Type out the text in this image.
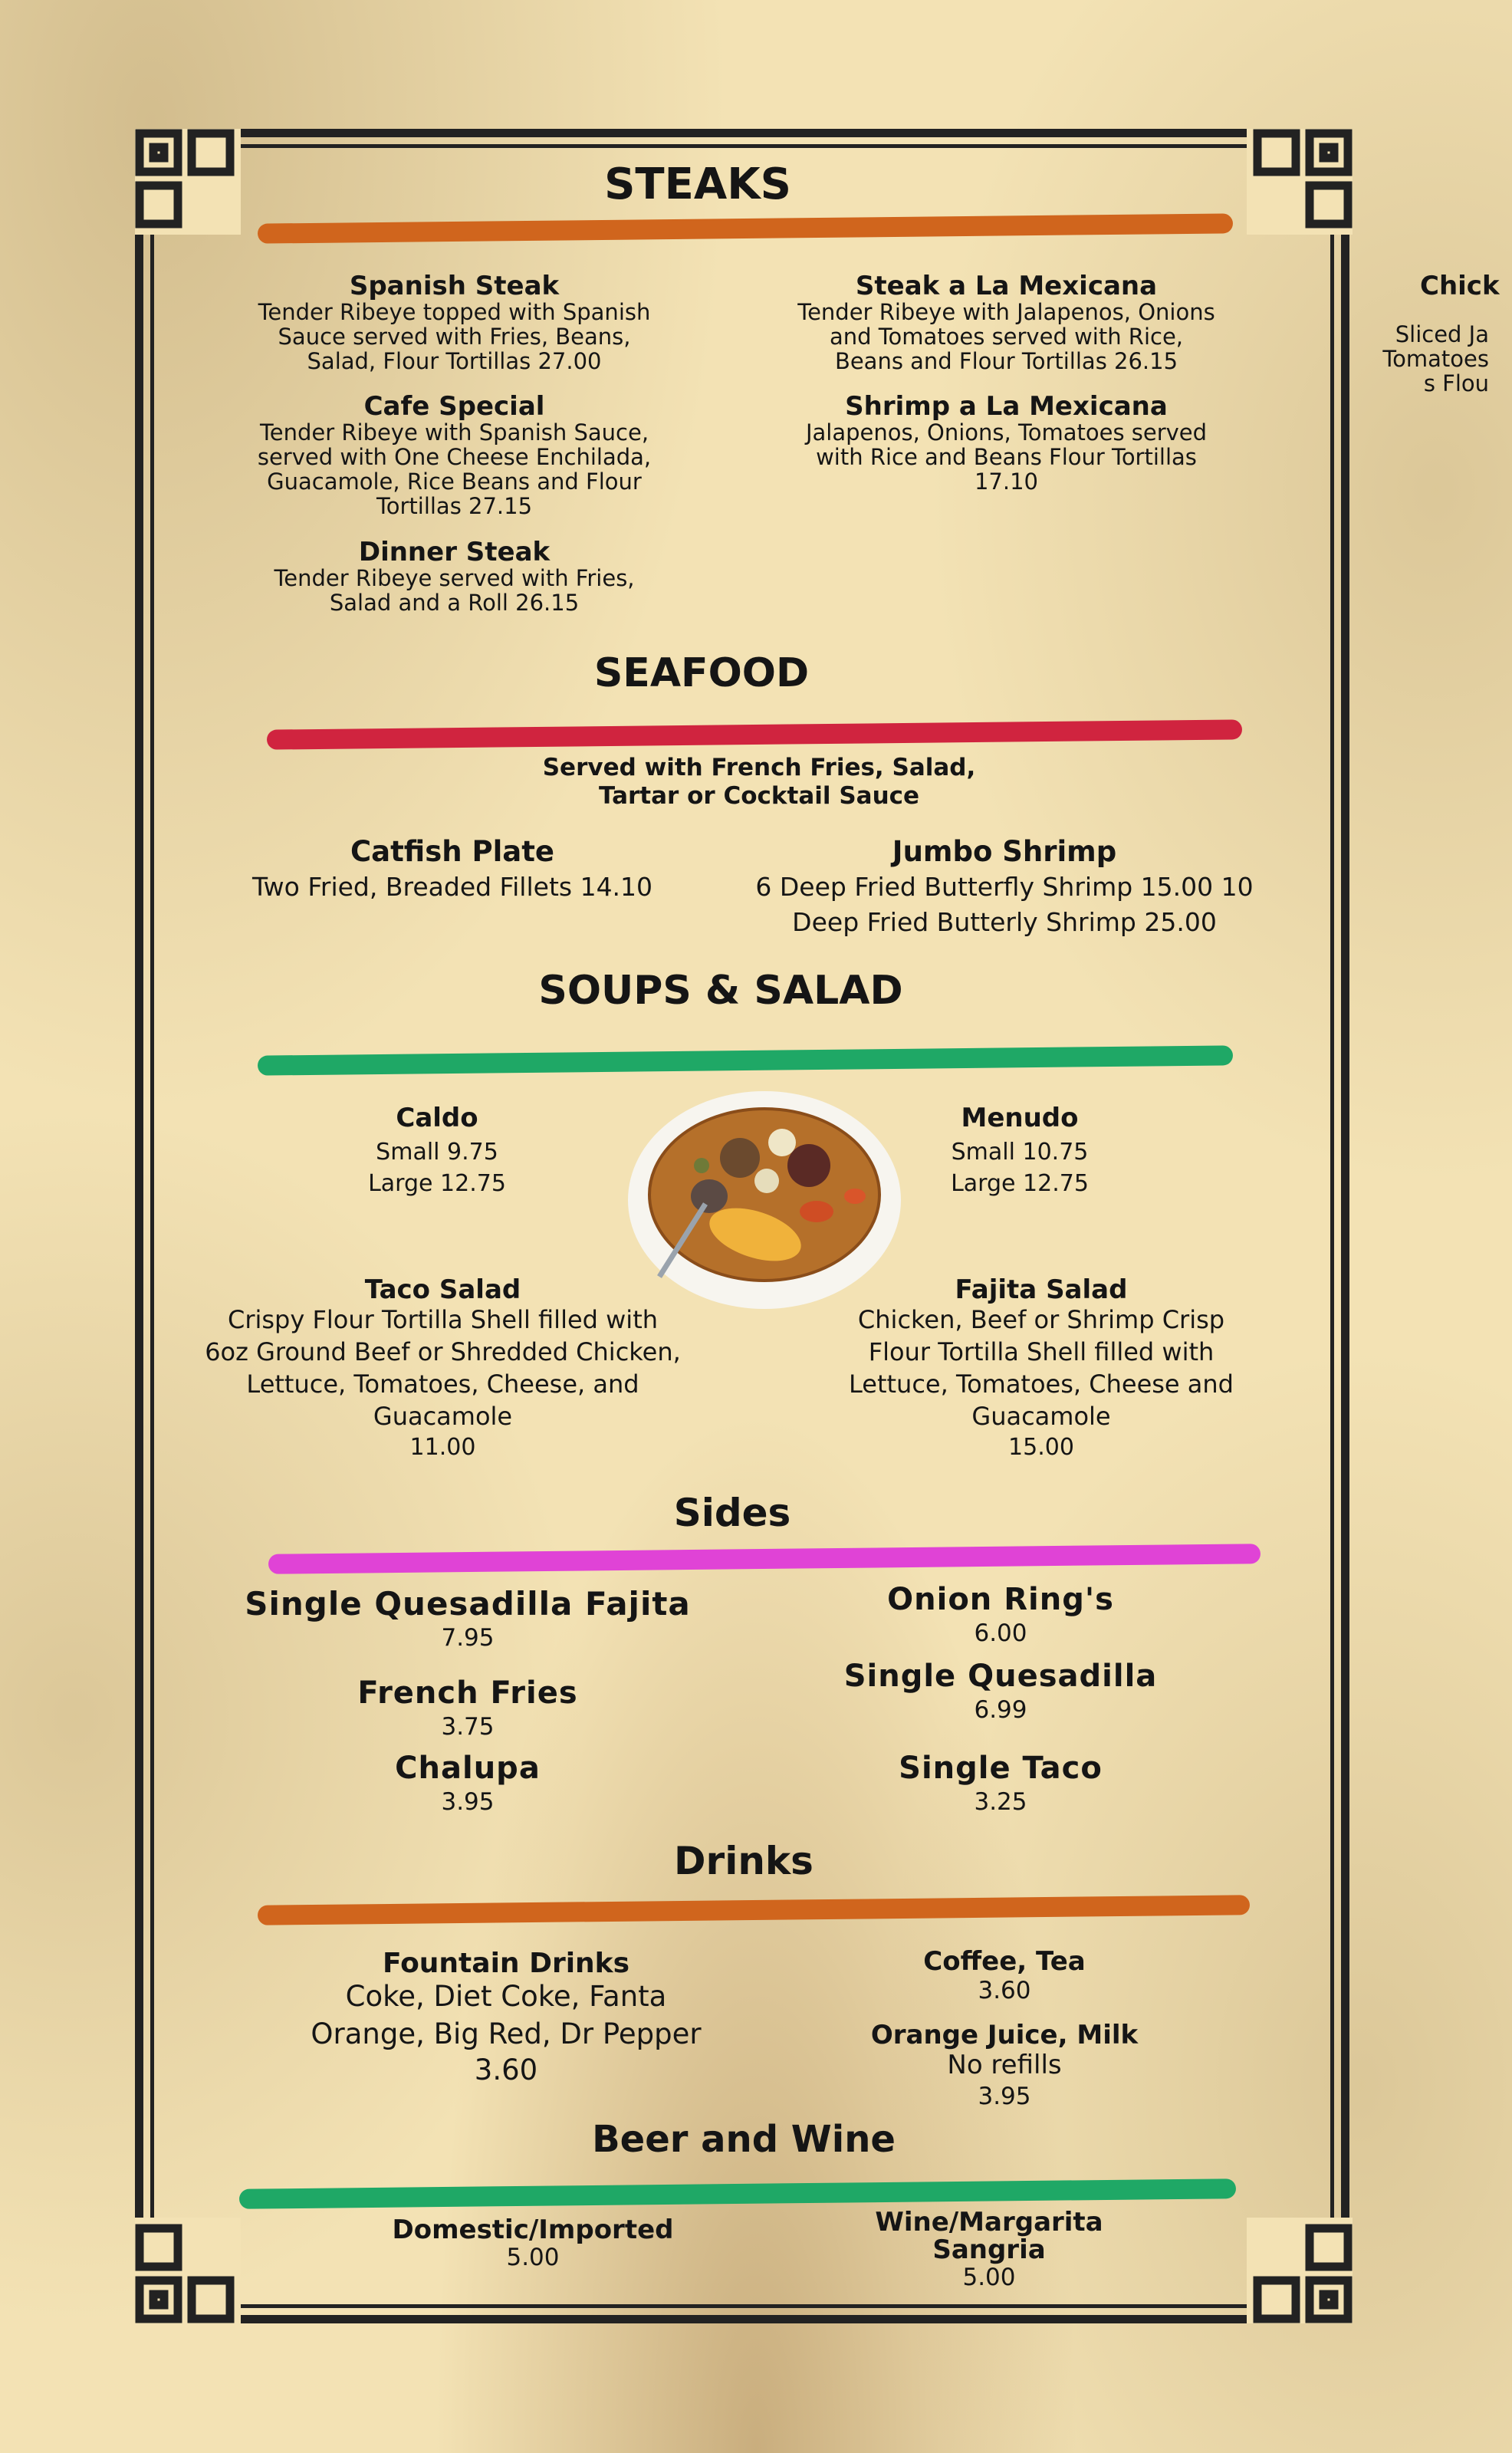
Chick
Sliced Ja Tomatoes s Flou
STEAKS
Spanish Steak
Tender Ribeye topped with Spanish Sauce served with Fries, Beans, Salad, Flour Tortillas 27.00
Steak a La Mexicana
Tender Ribeye with Jalapenos, Onions and Tomatoes served with Rice, Beans and Flour Tortillas 26.15
Cafe Special
Tender Ribeye with Spanish Sauce, served with One Cheese Enchilada, Guacamole, Rice Beans and Flour Tortillas 27.15
Shrimp a La Mexicana
Jalapenos, Onions, Tomatoes served with Rice and Beans Flour Tortillas 17.10
Dinner Steak
Tender Ribeye served with Fries, Salad and a Roll 26.15
SEAFOOD
Served with French Fries, Salad, Tartar or Cocktail Sauce
Catfish Plate
Two Fried, Breaded Fillets 14.10
Jumbo Shrimp
6 Deep Fried Butterfly Shrimp 15.00 10 Deep Fried Butterly Shrimp 25.00
SOUPS & SALAD
Caldo
Small 9.75
Large 12.75
Menudo
Small 10.75
Large 12.75
Taco Salad
Crispy Flour Tortilla Shell filled with 6oz Ground Beef or Shredded Chicken, Lettuce, Tomatoes, Cheese, and Guacamole
11.00
Fajita Salad
Chicken, Beef or Shrimp Crisp Flour Tortilla Shell filled with Lettuce, Tomatoes, Cheese and Guacamole
15.00
Sides
Single Quesadilla Fajita
7.95
Onion Ring's
6.00
French Fries
3.75
Single Quesadilla
6.99
Chalupa
3.95
Single Taco
3.25
Drinks
Fountain Drinks
Coke, Diet Coke, Fanta Orange, Big Red, Dr Pepper
3.60
Coffee, Tea
3.60
Orange Juice, Milk
No refills
3.95
Beer and Wine
Domestic/Imported
5.00
Wine/Margarita
Sangria
5.00
